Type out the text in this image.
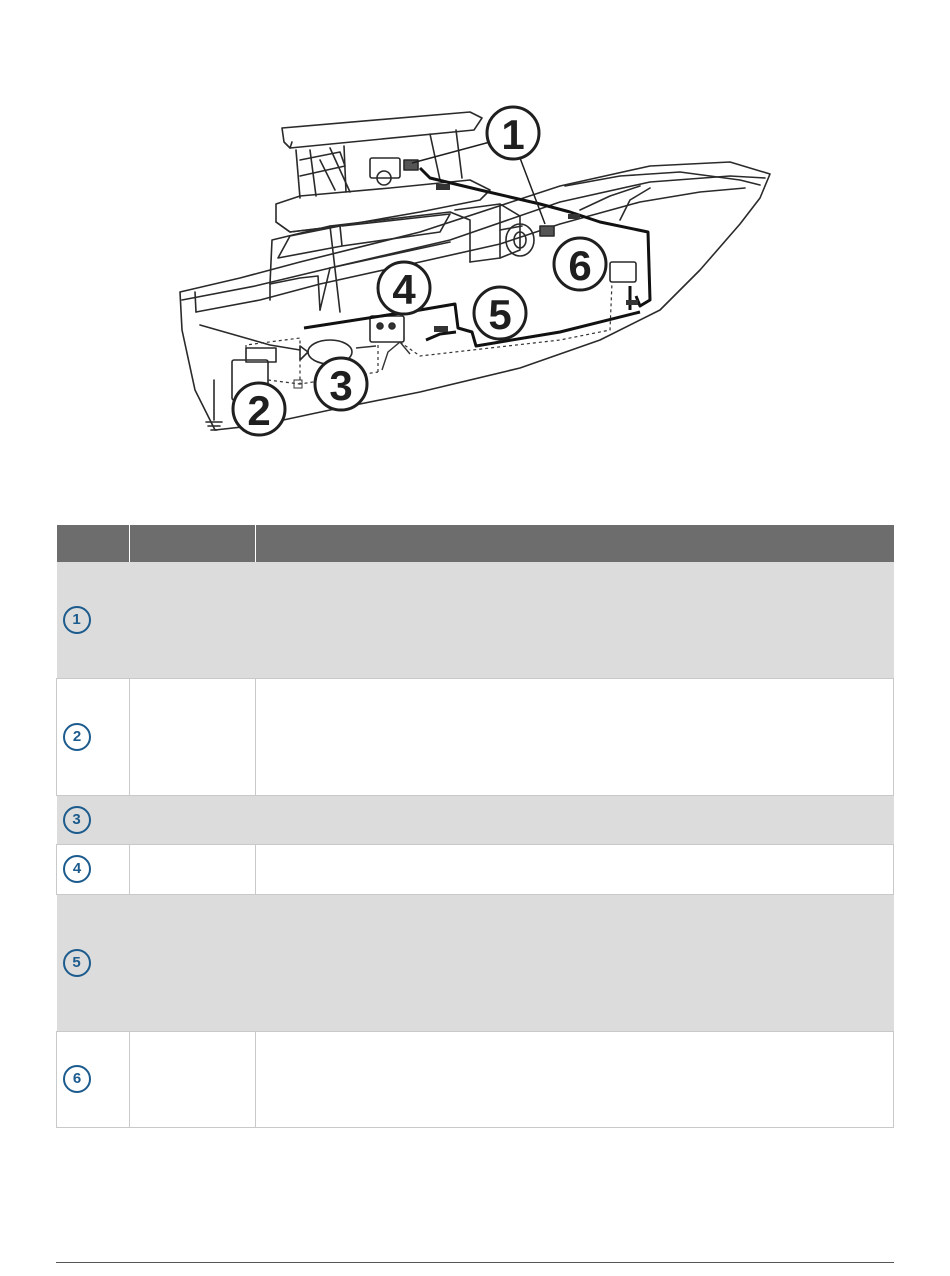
1
2
3
4
5
6

1		
2		
3		
4		
5		
6		
